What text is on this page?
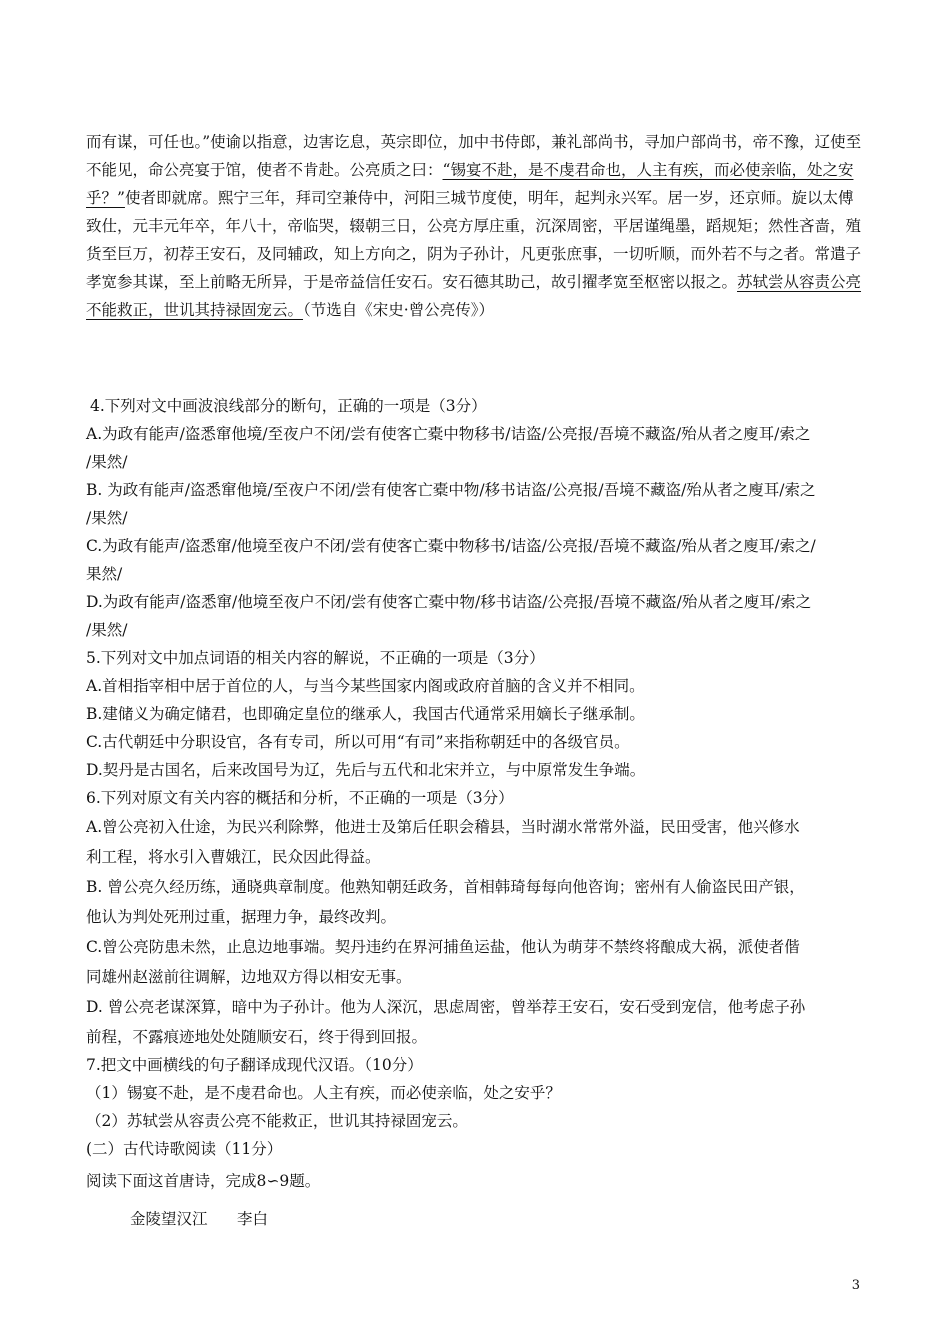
而有谋，可任也。”使谕以指意，边害讫息，英宗即位，加中书侍郎，兼礼部尚书，寻加户部尚书，帝不豫，辽使至不能见，命公亮宴于馆，使者不肯赴。公亮质之曰：“锡宴不赴，是不虔君命也，人主有疾，而必使亲临，处之安乎？”使者即就席。熙宁三年，拜司空兼侍中，河阳三城节度使，明年，起判永兴军。居一岁，还京师。旋以太傅致仕，元丰元年卒，年八十，帝临哭，辍朝三日，公亮方厚庄重，沉深周密，平居谨绳墨，蹈规矩；然性吝啬，殖货至巨万，初荐王安石，及同辅政，知上方向之，阴为子孙计，凡更张庶事，一切听顺，而外若不与之者。常遣子孝宽参其谋，至上前略无所异，于是帝益信任安石。安石德其助己，故引擢孝宽至枢密以报之。苏轼尝从容责公亮不能救正，世讥其持禄固宠云。（节选自《宋史·曾公亮传》）

4.下列对文中画波浪线部分的断句，正确的一项是（3分）
A.为政有能声/盗悉窜他境/至夜户不闭/尝有使客亡橐中物移书/诘盗/公亮报/吾境不藏盗/殆从者之廋耳/索之
/果然/
B. 为政有能声/盗悉窜他境/至夜户不闭/尝有使客亡橐中物/移书诘盗/公亮报/吾境不藏盗/殆从者之廋耳/索之
/果然/
C.为政有能声/盗悉窜/他境至夜户不闭/尝有使客亡橐中物移书/诘盗/公亮报/吾境不藏盗/殆从者之廋耳/索之/
果然/
D.为政有能声/盗悉窜/他境至夜户不闭/尝有使客亡橐中物/移书诘盗/公亮报/吾境不藏盗/殆从者之廋耳/索之
/果然/
5.下列对文中加点词语的相关内容的解说，不正确的一项是（3分）
A.首相指宰相中居于首位的人，与当今某些国家内阁或政府首脑的含义并不相同。
B.建储义为确定储君，也即确定皇位的继承人，我国古代通常采用嫡长子继承制。
C.古代朝廷中分职设官，各有专司，所以可用“有司”来指称朝廷中的各级官员。
D.契丹是古国名，后来改国号为辽，先后与五代和北宋并立，与中原常发生争端。
6.下列对原文有关内容的概括和分析，不正确的一项是（3分）
A.曾公亮初入仕途，为民兴利除弊，他进士及第后任职会稽县，当时湖水常常外溢，民田受害，他兴修水
利工程，将水引入曹娥江，民众因此得益。
B. 曾公亮久经历练，通晓典章制度。他熟知朝廷政务，首相韩琦每每向他咨询；密州有人偷盗民田产银，
他认为判处死刑过重，据理力争，最终改判。
C.曾公亮防患未然，止息边地事端。契丹违约在界河捕鱼运盐，他认为萌芽不禁终将酿成大祸，派使者偕
同雄州赵滋前往调解，边地双方得以相安无事。
D. 曾公亮老谋深算，暗中为子孙计。他为人深沉，思虑周密，曾举荐王安石，安石受到宠信，他考虑子孙
前程，不露痕迹地处处随顺安石，终于得到回报。
7.把文中画横线的句子翻译成现代汉语。（10分）
（1）锡宴不赴，是不虔君命也。人主有疾，而必使亲临，处之安乎？
（2）苏轼尝从容责公亮不能救正，世讥其持禄固宠云。
(二）古代诗歌阅读（11分）
阅读下面这首唐诗，完成8∽9题。
金陵望汉江      李白
3
